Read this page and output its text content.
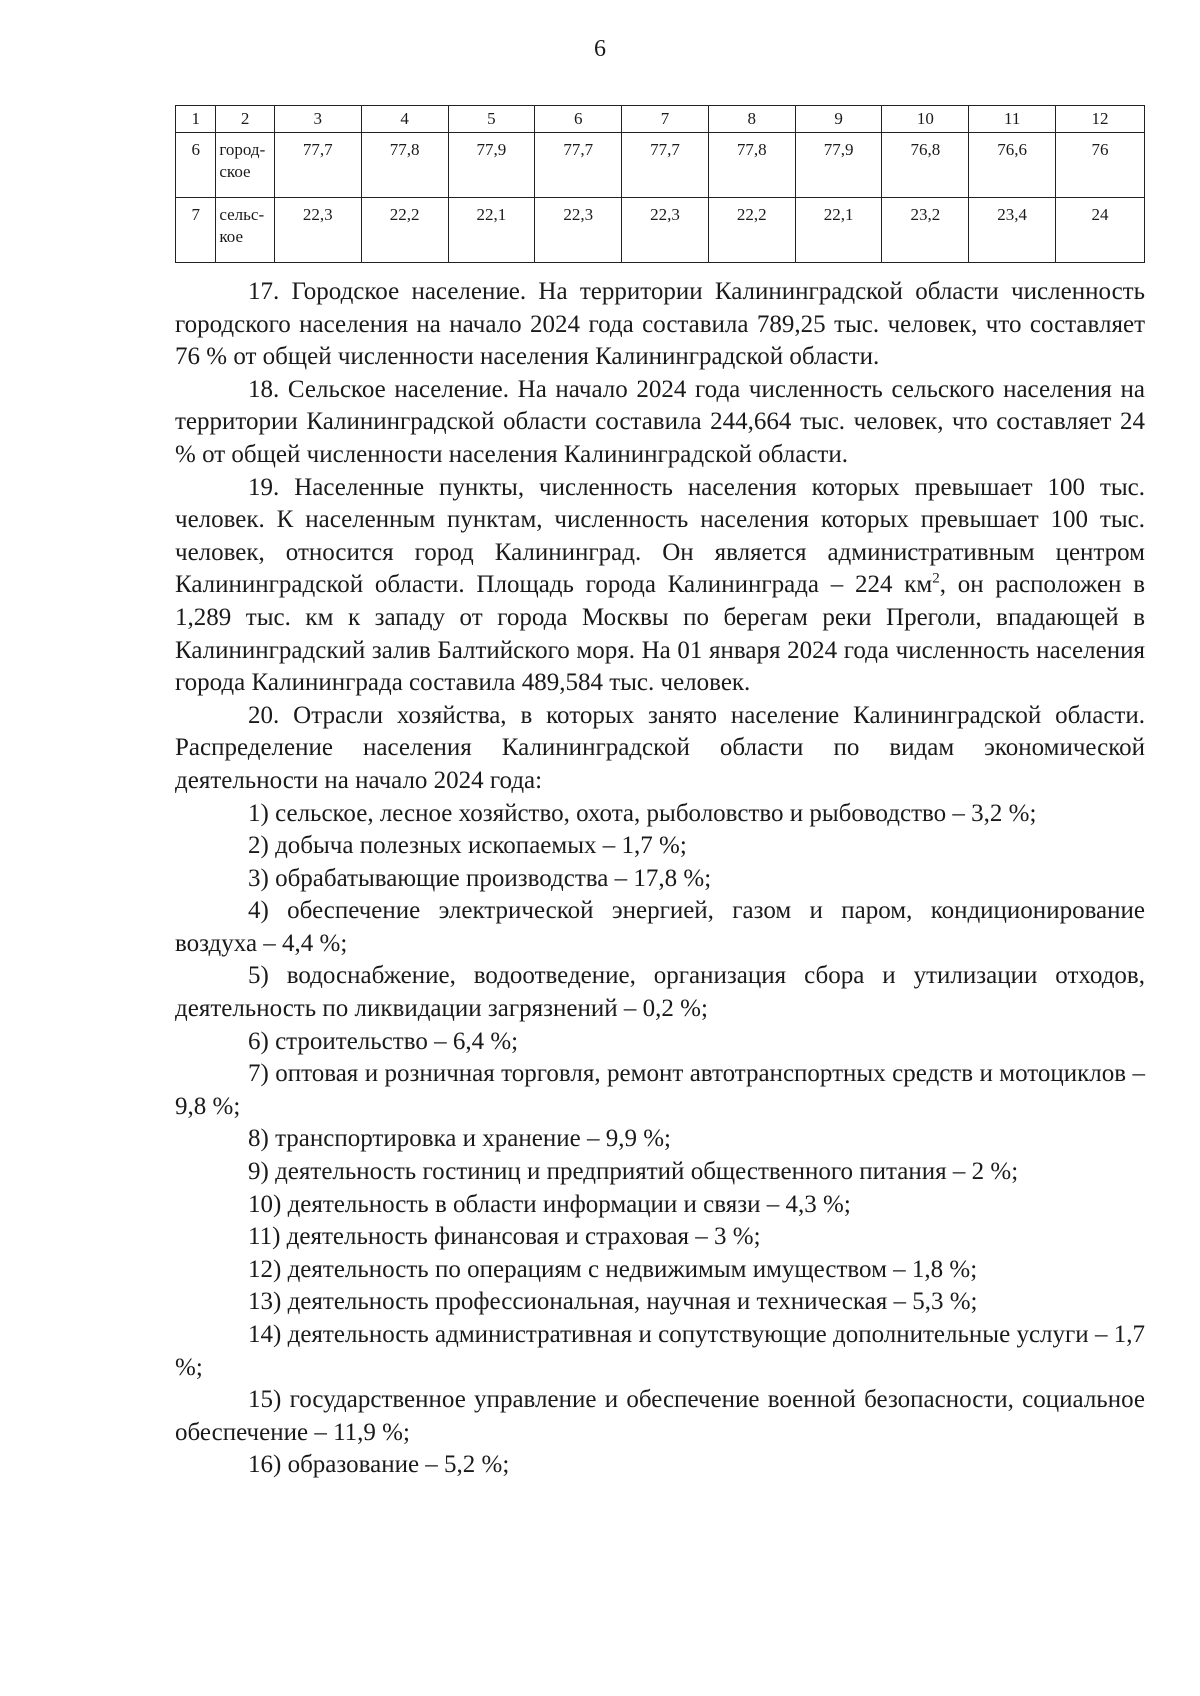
6
1	2	3	4	5	6	7	8	9	10	11	12
6	город-ское	77,7	77,8	77,9	77,7	77,7	77,8	77,9	76,8	76,6	76
7	сельс-кое	22,3	22,2	22,1	22,3	22,3	22,2	22,1	23,2	23,4	24

17. Городское население. На территории Калининградской области численность городского населения на начало 2024 года составила 789,25 тыс. человек, что составляет 76 % от общей численности населения Калининградской области.

18. Сельское население. На начало 2024 года численность сельского населения на территории Калининградской области составила 244,664 тыс. человек, что составляет 24 % от общей численности населения Калининградской области.

19. Населенные пункты, численность населения которых превышает 100 тыс. человек. К населенным пунктам, численность населения которых превышает 100 тыс. человек, относится город Калининград. Он является административным центром Калининградской области. Площадь города Калининграда – 224 $км^2$, он расположен в 1,289 тыс. км к западу от города Москвы по берегам реки Преголи, впадающей в Калининградский залив Балтийского моря. На 01 января 2024 года численность населения города Калининграда составила 489,584 тыс. человек.

20. Отрасли хозяйства, в которых занято население Калининградской области. Распределение населения Калининградской области по видам экономической деятельности на начало 2024 года:

1) сельское, лесное хозяйство, охота, рыболовство и рыбоводство – 3,2 %;

2) добыча полезных ископаемых – 1,7 %;

3) обрабатывающие производства – 17,8 %;

4) обеспечение электрической энергией, газом и паром, кондиционирование воздуха – 4,4 %;

5) водоснабжение, водоотведение, организация сбора и утилизации отходов, деятельность по ликвидации загрязнений – 0,2 %;

6) строительство – 6,4 %;

7) оптовая и розничная торговля, ремонт автотранспортных средств и мотоциклов – 9,8 %;

8) транспортировка и хранение – 9,9 %;

9) деятельность гостиниц и предприятий общественного питания – 2 %;

10) деятельность в области информации и связи – 4,3 %;

11) деятельность финансовая и страховая – 3 %;

12) деятельность по операциям с недвижимым имуществом – 1,8 %;

13) деятельность профессиональная, научная и техническая – 5,3 %;

14) деятельность административная и сопутствующие дополнительные услуги – 1,7 %;

15) государственное управление и обеспечение военной безопасности, социальное обеспечение – 11,9 %;

16) образование – 5,2 %;
